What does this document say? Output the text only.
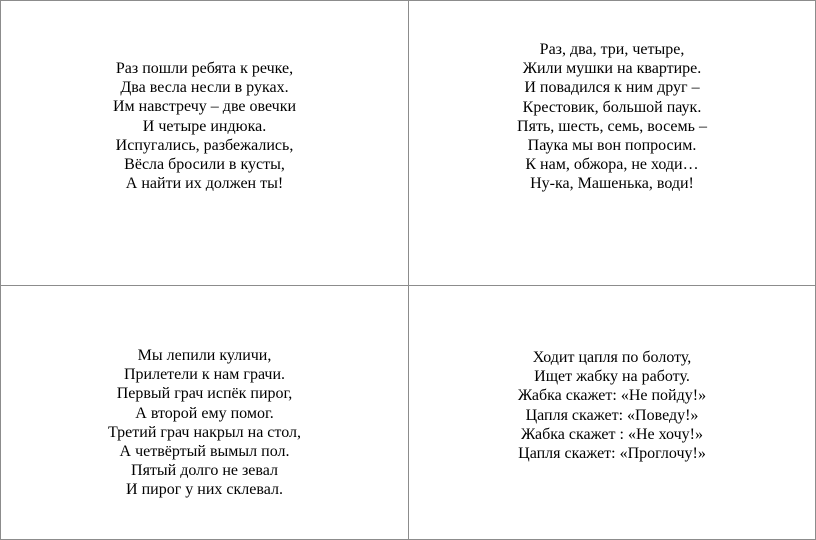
Раз пошли ребята к речке,
Два весла несли в руках.
Им навстречу – две овечки
И четыре индюка.
Испугались, разбежались,
Вёсла бросили в кусты,
А найти их должен ты!
Раз, два, три, четыре,
Жили мушки на квартире.
И повадился к ним друг –
Крестовик, большой паук.
Пять, шесть, семь, восемь –
Паука мы вон попросим.
К нам, обжора, не ходи…
Ну-ка, Машенька, води!
Мы лепили куличи,
Прилетели к нам грачи.
Первый грач испёк пирог,
А второй ему помог.
Третий грач накрыл на стол,
А четвёртый вымыл пол.
Пятый долго не зевал
И пирог у них склевал.
Ходит цапля по болоту,
Ищет жабку на работу.
Жабка скажет: «Не пойду!»
Цапля скажет: «Поведу!»
Жабка скажет : «Не хочу!»
Цапля скажет: «Проглочу!»
